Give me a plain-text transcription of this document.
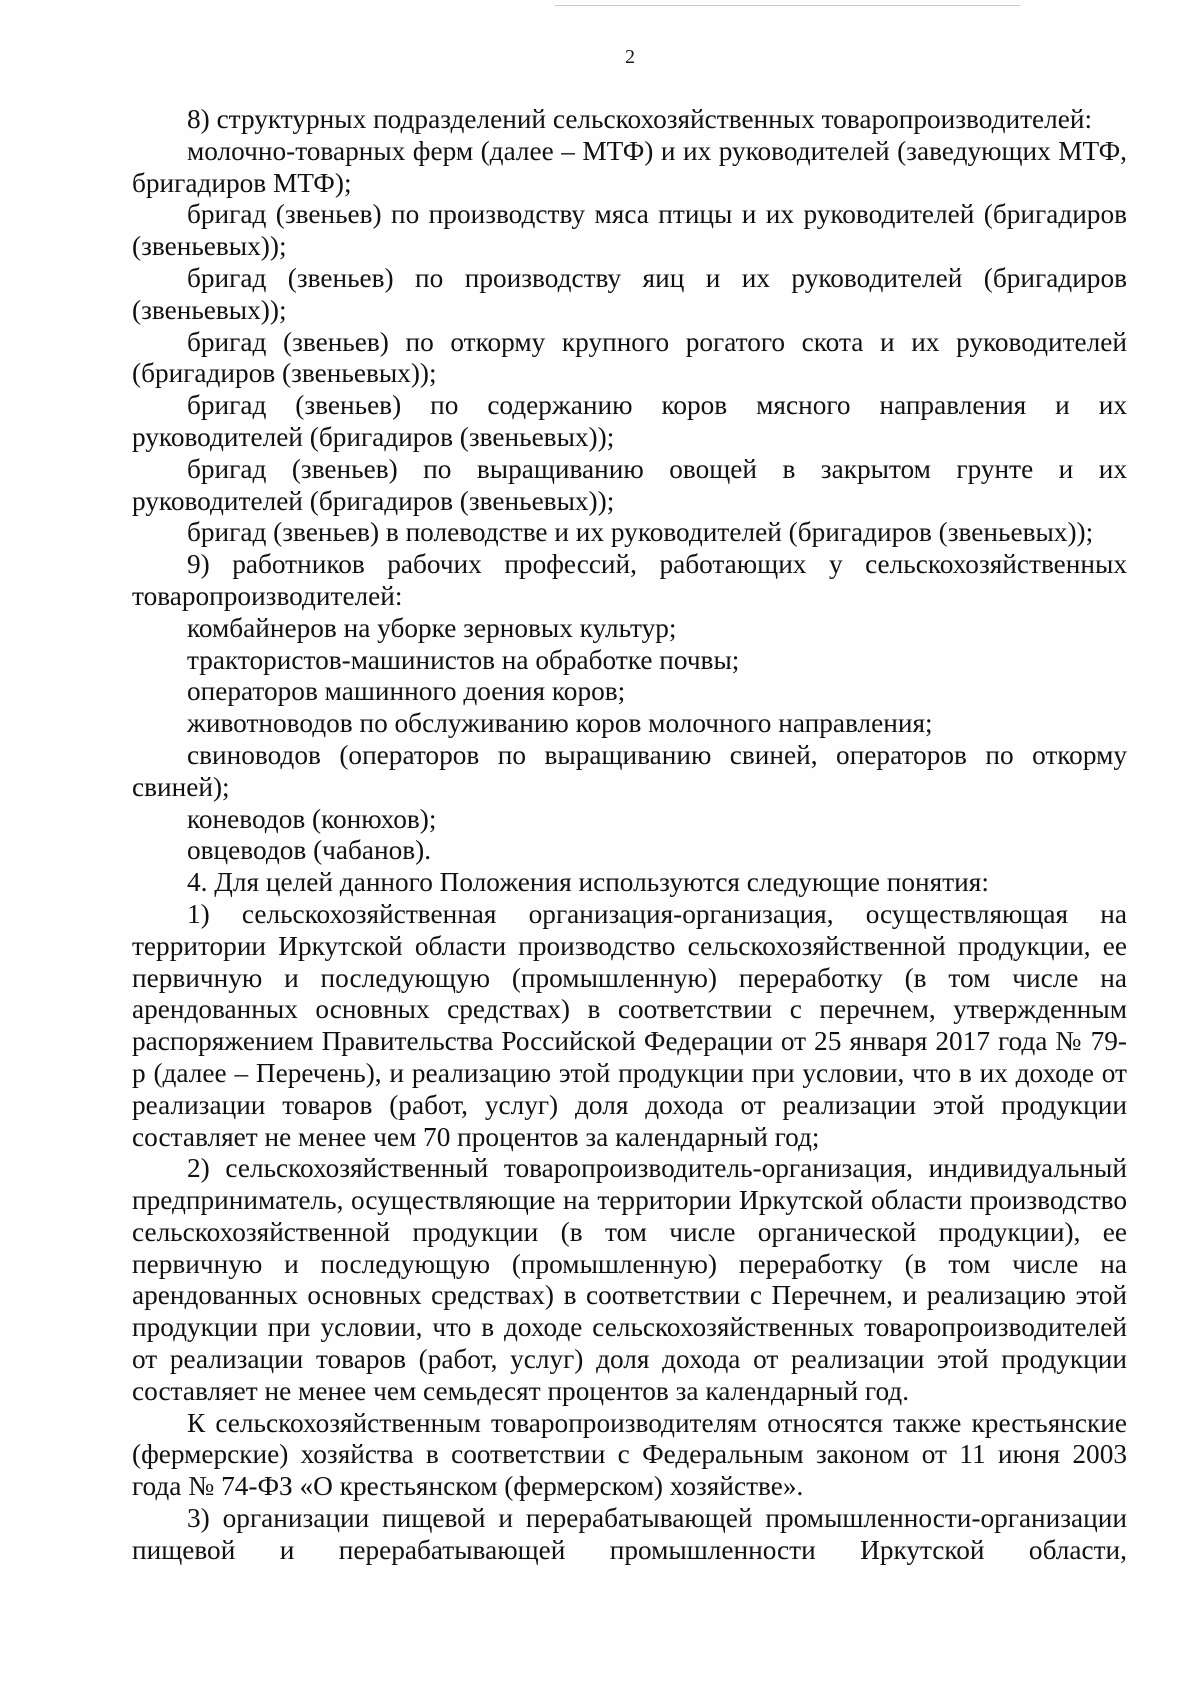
2

8) структурных подразделений сельскохозяйственных товаропроизводителей:

молочно-товарных ферм (далее – МТФ) и их руководителей (заведующих МТФ, бригадиров МТФ);

бригад (звеньев) по производству мяса птицы и их руководителей (бригадиров (звеньевых));

бригад (звеньев) по производству яиц и их руководителей (бригадиров (звеньевых));

бригад (звеньев) по откорму крупного рогатого скота и их руководителей (бригадиров (звеньевых));

бригад (звеньев) по содержанию коров мясного направления и их руководителей (бригадиров (звеньевых));

бригад (звеньев) по выращиванию овощей в закрытом грунте и их руководителей (бригадиров (звеньевых));

бригад (звеньев) в полеводстве и их руководителей (бригадиров (звеньевых));

9) работников рабочих профессий, работающих у сельскохозяйственных товаропроизводителей:

комбайнеров на уборке зерновых культур;

трактористов-машинистов на обработке почвы;

операторов машинного доения коров;

животноводов по обслуживанию коров молочного направления;

свиноводов (операторов по выращиванию свиней, операторов по откорму свиней);

коневодов (конюхов);

овцеводов (чабанов).

4. Для целей данного Положения используются следующие понятия:

1) сельскохозяйственная организация-организация, осуществляющая на территории Иркутской области производство сельскохозяйственной продукции, ее первичную и последующую (промышленную) переработку (в том числе на арендованных основных средствах) в соответствии с перечнем, утвержденным распоряжением Правительства Российской Федерации от 25 января 2017 года № 79-р (далее – Перечень), и реализацию этой продукции при условии, что в их доходе от реализации товаров (работ, услуг) доля дохода от реализации этой продукции составляет не менее чем 70 процентов за календарный год;

2) сельскохозяйственный товаропроизводитель-организация, индивидуальный предприниматель, осуществляющие на территории Иркутской области производство сельскохозяйственной продукции (в том числе органической продукции), ее первичную и последующую (промышленную) переработку (в том числе на арендованных основных средствах) в соответствии с Перечнем, и реализацию этой продукции при условии, что в доходе сельскохозяйственных товаропроизводителей от реализации товаров (работ, услуг) доля дохода от реализации этой продукции составляет не менее чем семьдесят процентов за календарный год.

К сельскохозяйственным товаропроизводителям относятся также крестьянские (фермерские) хозяйства в соответствии с Федеральным законом от 11 июня 2003 года № 74-ФЗ «О крестьянском (фермерском) хозяйстве».

3) организации пищевой и перерабатывающей промышленности-организации пищевой и перерабатывающей промышленности Иркутской области,
